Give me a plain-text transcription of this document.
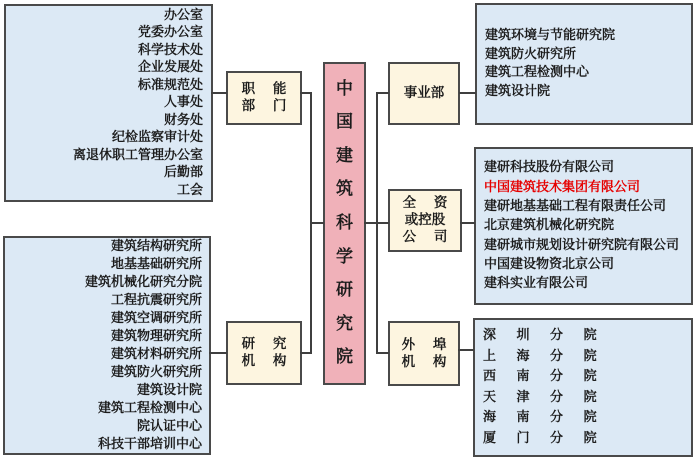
办公室
党委办公室
科学技术处
企业发展处
标准规范处
人事处
财务处
纪检监察审计处
离退休职工管理办公室
后勤部
工会
建筑结构研究所
地基基础研究所
建筑机械化研究分院
工程抗震研究所
建筑空调研究所
建筑物理研究所
建筑材料研究所
建筑防火研究所
建筑设计院
建筑工程检测中心
院认证中心
科技干部培训中心
职 能
部 门
研 究
机 构
中
国
建
筑
科
学
研
究
院
事业部
全 资
或控股
公 司
外 埠
机 构
建筑环境与节能研究院
建筑防火研究所
建筑工程检测中心
建筑设计院
建研科技股份有限公司
中国建筑技术集团有限公司
建研地基基础工程有限责任公司
北京建筑机械化研究院
建研城市规划设计研究院有限公司
中国建设物资北京公司
建科实业有限公司
深 圳 分 院
上 海 分 院
西 南 分 院
天 津 分 院
海 南 分 院
厦 门 分 院
